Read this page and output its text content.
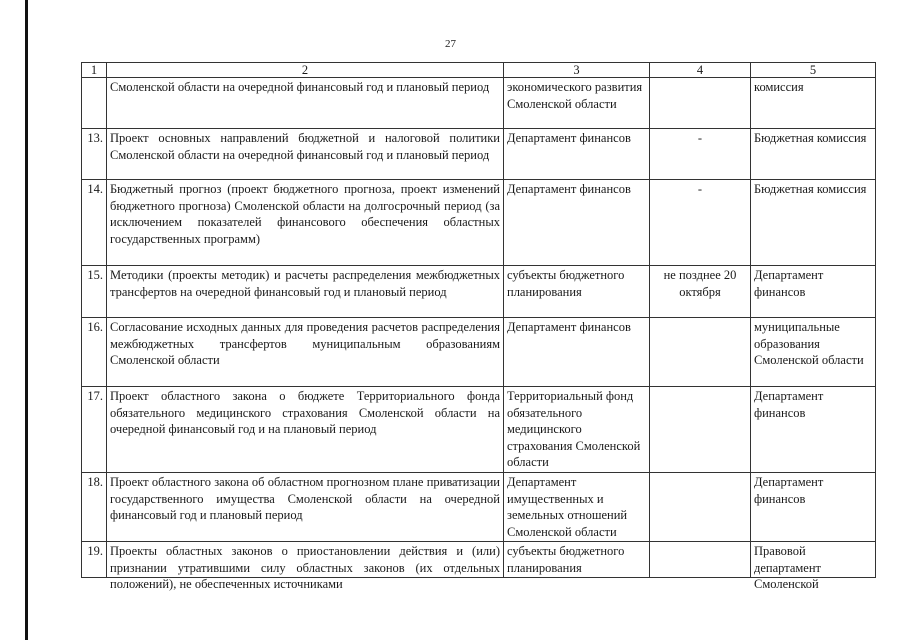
27
1	2	3	4	5
	Смоленской области на очередной финансовый год и плановый период	экономического развития Смоленской области		комиссия
13.	Проект основных направлений бюджетной и налоговой политики Смоленской области на очередной финансовый год и плановый период	Департамент финансов	-	Бюджетная комиссия
14.	Бюджетный прогноз (проект бюджетного прогноза, проект изменений бюджетного прогноза) Смоленской области на долгосрочный период (за исключением показателей финансового обеспечения областных государственных программ)	Департамент финансов	-	Бюджетная комиссия
15.	Методики (проекты методик) и расчеты распределения межбюджетных трансфертов на очередной финансовый год и плановый период	субъекты бюджетного планирования	не позднее 20 октября	Департамент финансов
16.	Согласование исходных данных для проведения расчетов распределения межбюджетных трансфертов муниципальным образованиям Смоленской области	Департамент финансов		муниципальные образования Смоленской области
17.	Проект областного закона о бюджете Территориального фонда обязательного медицинского страхования Смоленской области на очередной финансовый год и на плановый период	Территориальный фонд обязательного медицинского страхования Смоленской области		Департамент финансов
18.	Проект областного закона об областном прогнозном плане приватизации государственного имущества Смоленской области на очередной финансовый год и плановый период	Департамент имущественных и земельных отношений Смоленской области		Департамент финансов
19.	Проекты областных законов о приостановлении действия и (или) признании утратившими силу областных законов (их отдельных положений), не обеспеченных источниками	субъекты бюджетного планирования		Правовой департамент Смоленской
